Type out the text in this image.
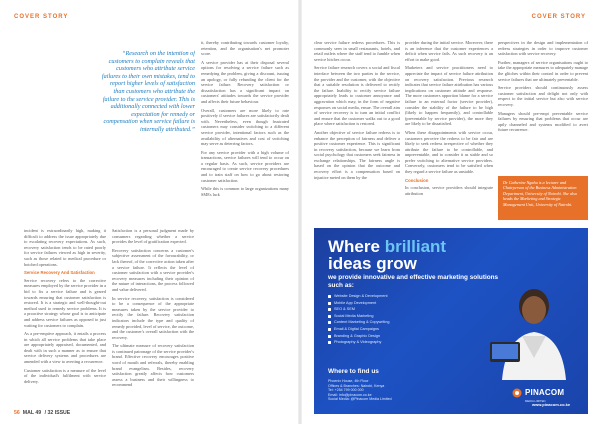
COVER STORY
“Research on the intention of customers to complain reveals that customers who attribute service failures to their own mistakes, tend to report higher levels of satisfaction than customers who attribute the failure to the service provider. This is additionally connected with lower expectation for remedy or compensation when service failure is internally attributed.”

incident is extraordinarily high, making it difficult to address the issue appropriately due to escalating recovery expectations. As such, recovery satisfaction tends to be rated poorly for service failures viewed as high in severity, such as those related to medical procedure or botched operations.

Service Recovery And Satisfaction

Service recovery refers to the corrective measures employed by the service provider in a bid to fix a service failure and is geared towards ensuring that customer satisfaction is restored. It is a strategic and well-thought-out method used to remedy service problems. It is a proactive strategy whose goal is to anticipate and address service failures as opposed to just waiting for customers to complain.

As a pre-emptive approach, it entails a process in which all service problems that take place are appropriately appraised, documented, and dealt with in such a manner as to ensure that service delivery systems and procedures are amended with a view to averting a recurrence.

Customer satisfaction is a measure of the level of the individual's fulfilment with service delivery.

Satisfaction is a personal judgment made by consumers regarding whether a service provides the level of gratification expected.

Recovery satisfaction concerns a customer's subjective assessment of the favourability, or lack thereof, of the corrective action taken after a service failure. It reflects the level of customer satisfaction with a service provider's recovery measures including their opinion of the nature of interactions, the process followed and value delivered.

In service recovery, satisfaction is considered to be a consequence of the appropriate measures taken by the service provider to rectify the failure. Recovery satisfaction indicators include the type and quality of remedy provided, level of service, the outcome, and the customer's overall satisfaction with the recovery.

The ultimate measure of recovery satisfaction is continued patronage of the service provider's brand. Effective recovery encourages positive word of mouth and referrals, thereby enabling brand evangelism. Besides, recovery satisfaction greatly affects how customers assess a business and their willingness to recommend

it, thereby contributing towards customer loyalty, retention, and the organisation's net promoter score.

A service provider has at their disposal several options for resolving a service failure such as remedying the problem, giving a discount, issuing an apology, or fully refunding the client for the service failure. Recovery satisfaction or dissatisfaction has a significant impact on customers' attitudes towards the service provider and affects their future behaviour.

Overall, customers are more likely to rate positively if service failures are satisfactorily dealt with. Nevertheless, even though frustrated customers may consider switching to a different service provider, intentional factors such as the availability of alternatives and cost of switching may serve as deterring factors.

For any service provider with a high volume of transactions, service failures will tend to occur on a regular basis. As such, service providers are encouraged to create service recovery procedures and to train staff on how to go about restoring customer satisfaction.

While this is common to large organizations many SMEs lack

56 MAL 49 / 32 ISSUE
COVER STORY

clear service failure redress procedures. This is commonly seen in small restaurants, hotels, and retail outlets where the staff tend to fumble when service hitches occur.

Service failure research covers a social and fiscal interface between the two parties to the service, the provider and the customer, with the objective that a suitable resolution is delivered to rectify the failure. Inability to rectify service failure appropriately leads to customer annoyance and aggravation which may, in the form of negative responses on social media, ensue. The overall aim of service recovery is to turn an initial conflict and ensure that the customer walks out to a good place where satisfaction is restored.

Another objective of service failure redress is to enhance the perception of fairness and deliver a positive customer experience. This is significant in recovery satisfaction, because we learn from social psychology that customers seek fairness in exchange relationships. The fairness angle is based on the opinion that the outcome and recovery effort is a compensation based on injustice meted on them by the

provider during the initial service. Moreover, there is an inference that the customer experiences a deficit when service fails. As such recovery is an effort to make good.

Marketers and service practitioners need to appreciate the impact of service failure attribution on recovery satisfaction. Previous research indicates that service failure attribution has various implications on customer attitude and response. The more customers apportion blame for a service failure to an external factor (service provider), consider the stability of the failure to be high (likely to happen frequently), and controllable (preventable by service provider), the more they are likely to be dissatisfied.

When these disappointments with service occur, customers perceive the redress to be fair and are likely to seek redress irrespective of whether they attribute the failure to be controllable, and unpreventable, and to consider it as stable and so prefer switching to alternative service providers. Conversely, customers tend to be satisfied when they regard a service failure as unstable.

Conclusion

In conclusion, service providers should integrate attribution

perspectives in the design and implementation of redress strategies in order to improve customer satisfaction with service recovery.

Further, managers of service organisations ought to take the appropriate measures to adequately manage the glitches within their control in order to prevent service failures that are ultimately preventable.

Service providers should continuously assess customer satisfaction and delight not only with respect to the initial service but also with service recovery.

Managers should pre-empt preventable service failures by ensuring that problems that occur are aptly channeled and systems modified to avert future recurrence.

Dr Catherine Ngahu is a lecturer and Chairperson of the Business Administration Department, University of Nairobi. She also heads the Marketing and Strategic Management Unit, University of Nairobi.
Where brilliant
ideas grow
we provide innovative and effective marketing solutions such as:
Website Design & Development
Mobile App Development
SEO & SEM
Social Media Marketing
Content Marketing & Copywriting
Email & Digital Campaigns
Branding & Graphic Design
Photography & Videography
Where to find us
Phoenix House, 4th Floor
Offices & Branches: Nairobi, Kenya
Tel: +254 799 000 000
Email: info@pinacom.co.ke
Social Media: @Pinacom Media Limited
PINACOM
MEDIA LIMITED
www.pinacom.co.ke
